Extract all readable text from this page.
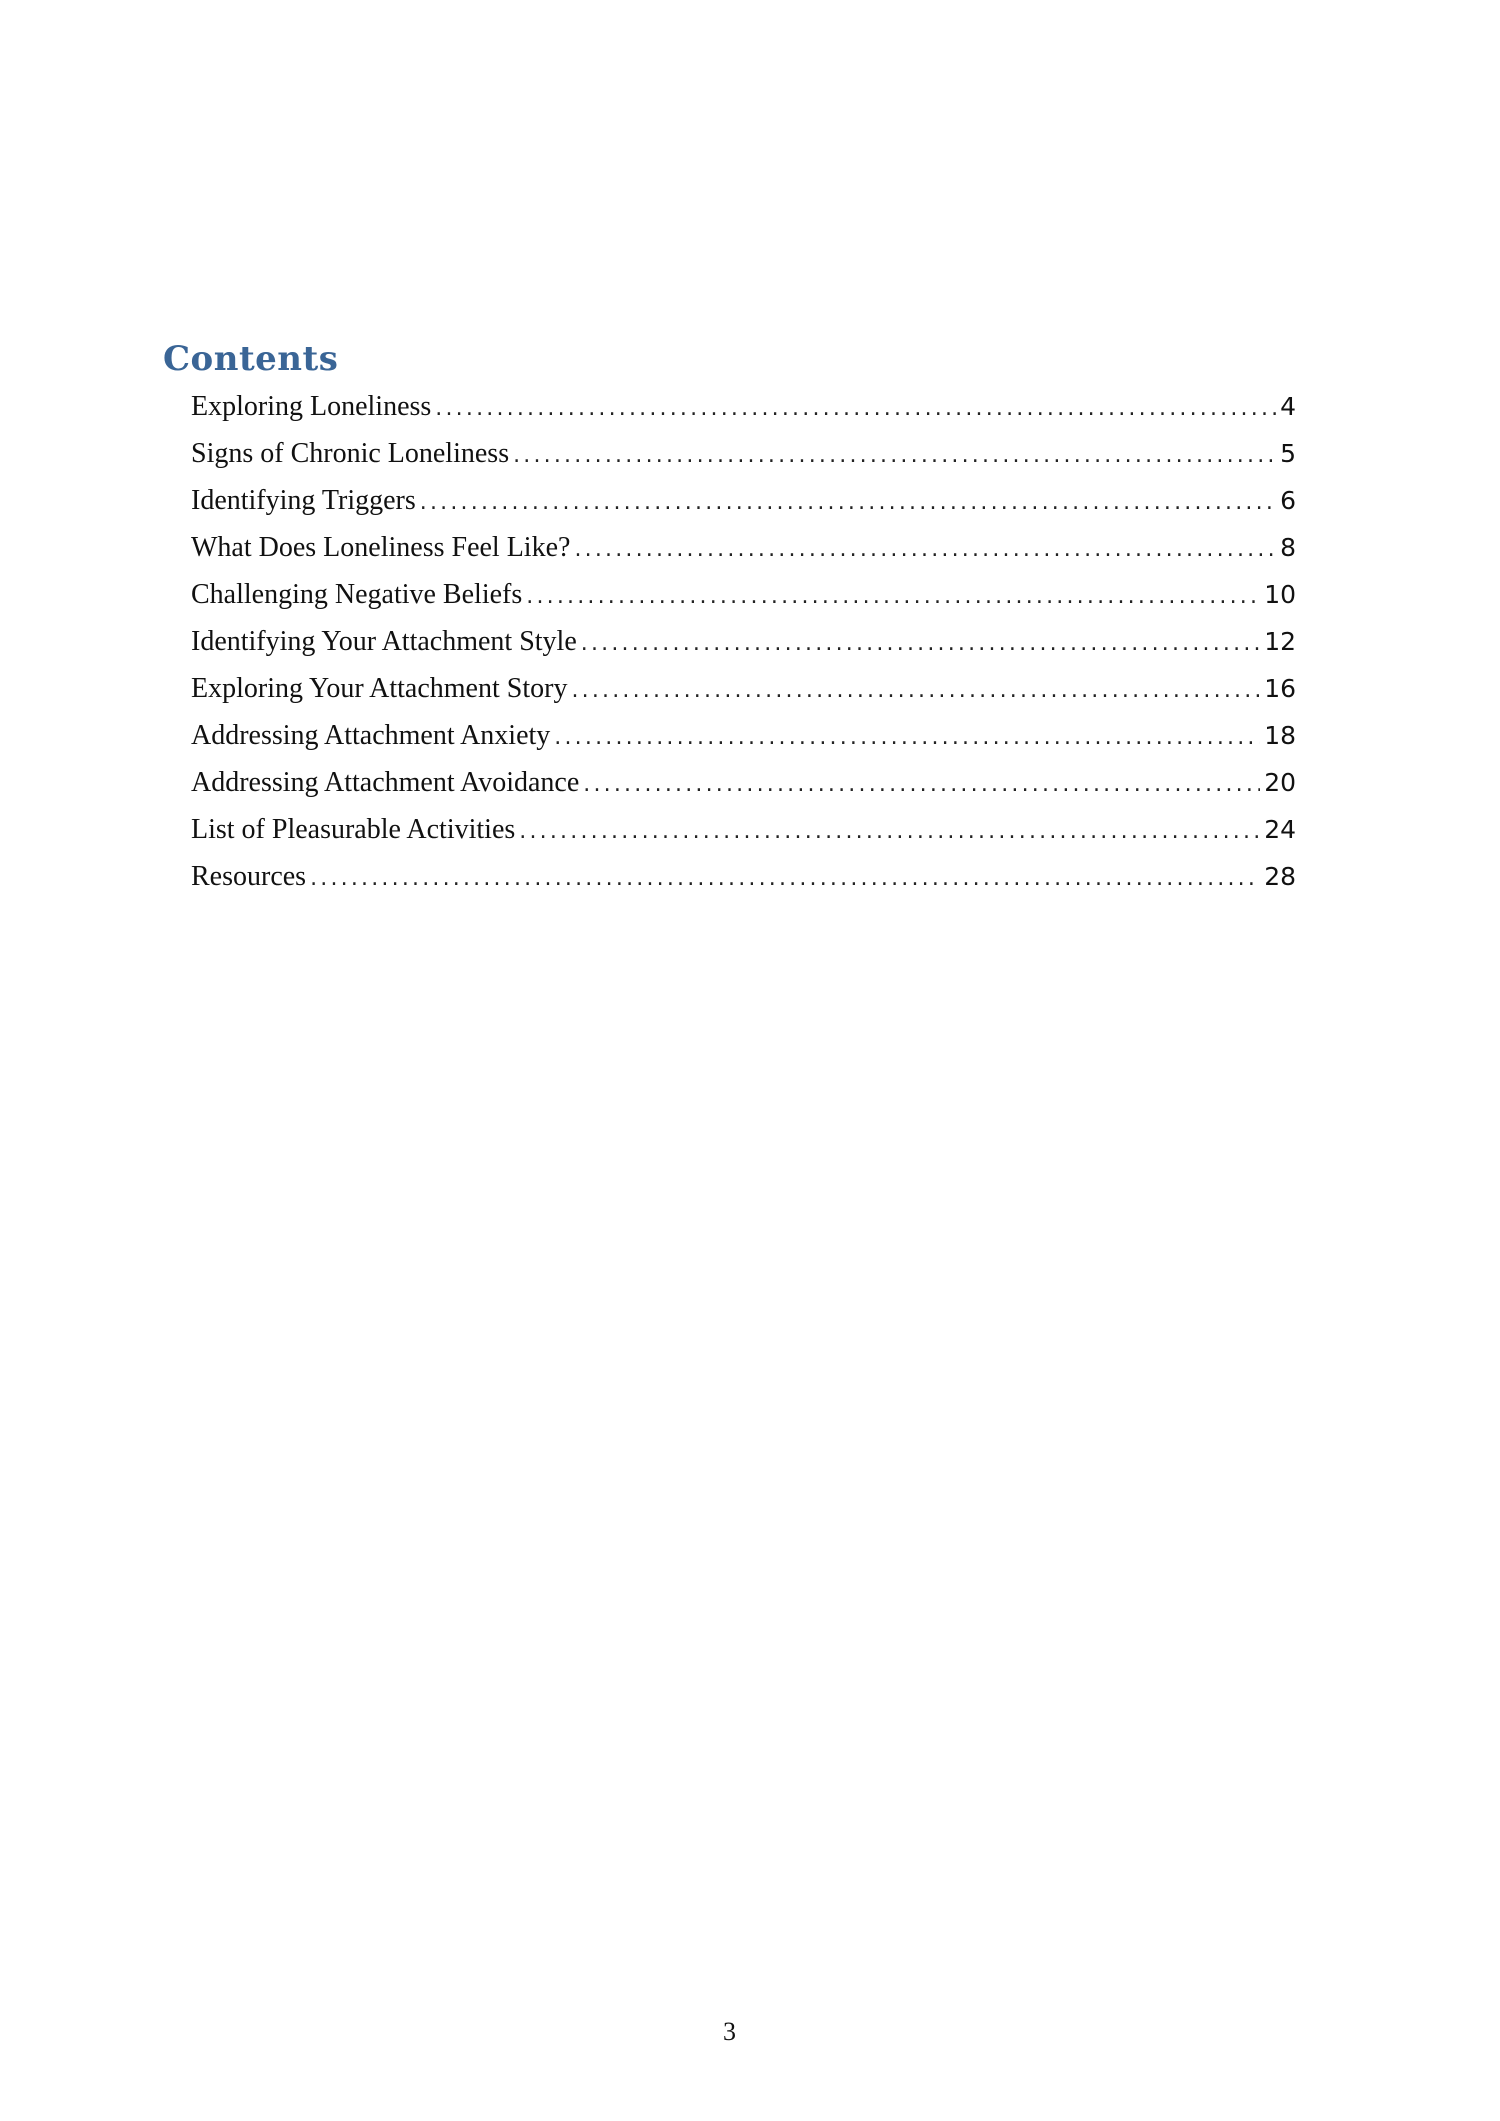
Contents
Exploring Loneliness .....	4
Signs of Chronic Loneliness .....	5
Identifying Triggers .....	6
What Does Loneliness Feel Like? .....	8
Challenging Negative Beliefs .....	10
Identifying Your Attachment Style .....	12
Exploring Your Attachment Story .....	16
Addressing Attachment Anxiety .....	18
Addressing Attachment Avoidance .....	20
List of Pleasurable Activities .....	24
Resources .....	28
3
